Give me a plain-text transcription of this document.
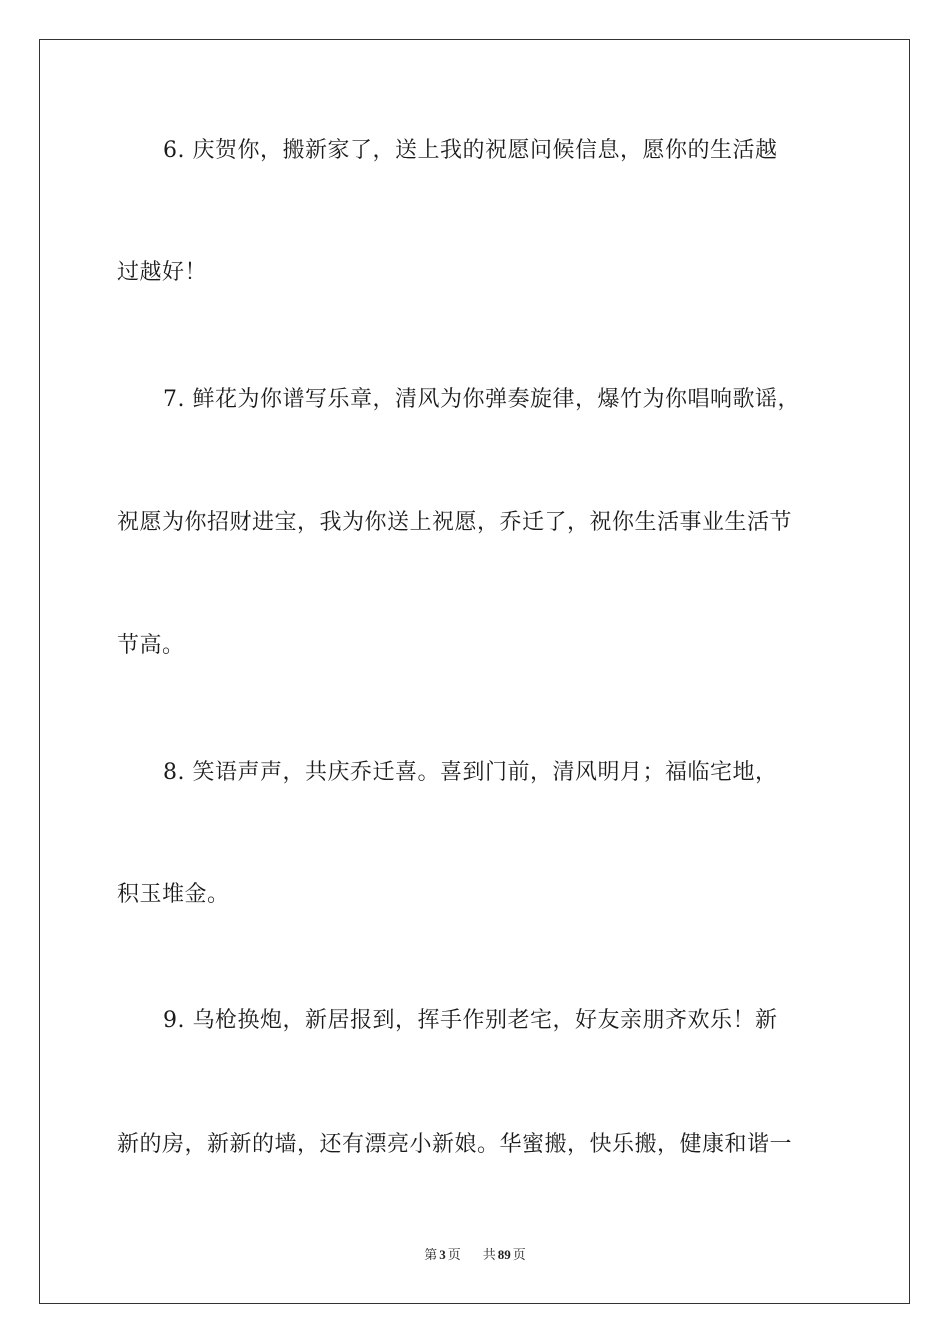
6. 庆贺你，搬新家了，送上我的祝愿问候信息，愿你的生活越
过越好！
7. 鲜花为你谱写乐章，清风为你弹奏旋律，爆竹为你唱响歌谣，
祝愿为你招财进宝，我为你送上祝愿，乔迁了，祝你生活事业生活节
节高。
8. 笑语声声，共庆乔迁喜。喜到门前，清风明月；福临宅地，
积玉堆金。
9. 乌枪换炮，新居报到，挥手作别老宅，好友亲朋齐欢乐！新
新的房，新新的墙，还有漂亮小新娘。华蜜搬，快乐搬，健康和谐一
第 3 页 共 89 页
